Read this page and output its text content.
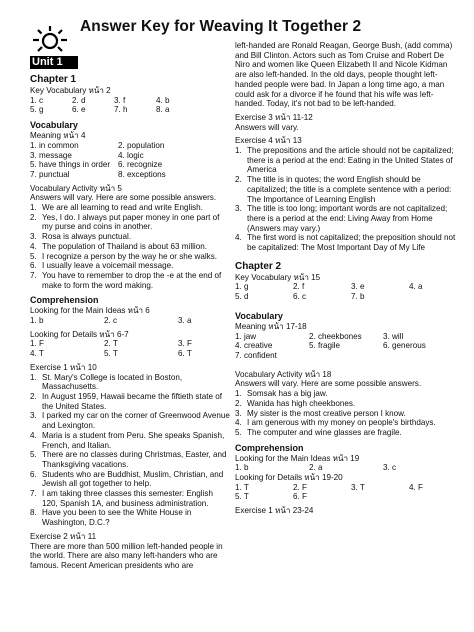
Answer Key for Weaving It Together 2
Unit 1
Chapter 1
Key Vocabulary หน้า 2
1. c	2. d	3. f	4. b
5. g	6. e	7. h	8. a
Vocabulary
Meaning หน้า 4
1. in common	2. population
3. message	4. logic
5. have things in order 6. recognize
7. punctual	8. exceptions
Vocabulary Activity หน้า 5
Answers will vary. Here are some possible answers.
1. We are all learning to read and write English.
2. Yes, I do. I always put paper money in one part of my purse and coins in another.
3. Rosa is always punctual.
4. The population of Thailand is about 63 million.
5. I recognize a person by the way he or she walks.
6. I usually leave a voicemail message.
7. You have to remember to drop the -e at the end of make to form the word making.
Comprehension
Looking for the Main Ideas หน้า 6
1. b	2. c	3. a
Looking for Details หน้า 6-7
1. F	2. T	3. F
4. T	5. T	6. T
Exercise 1 หน้า 10
1. St. Mary's College is located in Boston, Massachusetts.
2. In August 1959, Hawaii became the fiftieth state of the United States.
3. I parked my car on the corner of Greenwood Avenue and Lexington.
4. Maria is a student from Peru. She speaks Spanish, French, and Italian.
5. There are no classes during Christmas, Easter, and Thanksgiving vacations.
6. Students who are Buddhist, Muslim, Christian, and Jewish all got together to help.
7. I am taking three classes this semester: English 120, Spanish 1A, and business administration.
8. Have you been to see the White House in Washington, D.C.?
Exercise 2 หน้า 11
There are more than 500 million left-handed people in the world. There are also many left-handers who are famous. Recent American presidents who are
left-handed are Ronald Reagan, George Bush, (add comma) and Bill Clinton. Actors such as Tom Cruise and Robert De Niro and women like Queen Elizabeth II and Nicole Kidman are also left-handed. In the old days, people thought left-handed people were bad. In Japan a long time ago, a man could ask for a divorce if he found that his wife was left-handed. Today, it's not bad to be left-handed.
Exercise 3 หน้า 11-12
Answers will vary.
Exercise 4 หน้า 13
1. The prepositions and the article should not be capitalized; there is a period at the end: Eating in the United States of America
2. The title is in quotes; the word English should be capitalized; the title is a complete sentence with a period: The Importance of Learning English
3. The title is too long; important words are not capitalized; there is a period at the end: Living Away from Home (Answers may vary.)
4. The first word is not capitalized; the preposition should not be capitalized: The Most Important Day of My Life
Chapter 2
Key Vocabulary หน้า 15
1. g	2. f	3. e	4. a
5. d	6. c	7. b
Vocabulary
Meaning หน้า 17-18
1. jaw	2. cheekbones	3. will
4. creative	5. fragile	6. generous
7. confident
Vocabulary Activity หน้า 18
Answers will vary. Here are some possible answers.
1. Somsak has a big jaw.
2. Wanida has high cheekbones.
3. My sister is the most creative person I know.
4. I am generous with my money on people's birthdays.
5. The computer and wine glasses are fragile.
Comprehension
Looking for the Main Ideas หน้า 19
1. b	2. a	3. c
Looking for Details หน้า 19-20
1. T	2. F	3. T	4. F
5. T	6. F
Exercise 1 หน้า 23-24
